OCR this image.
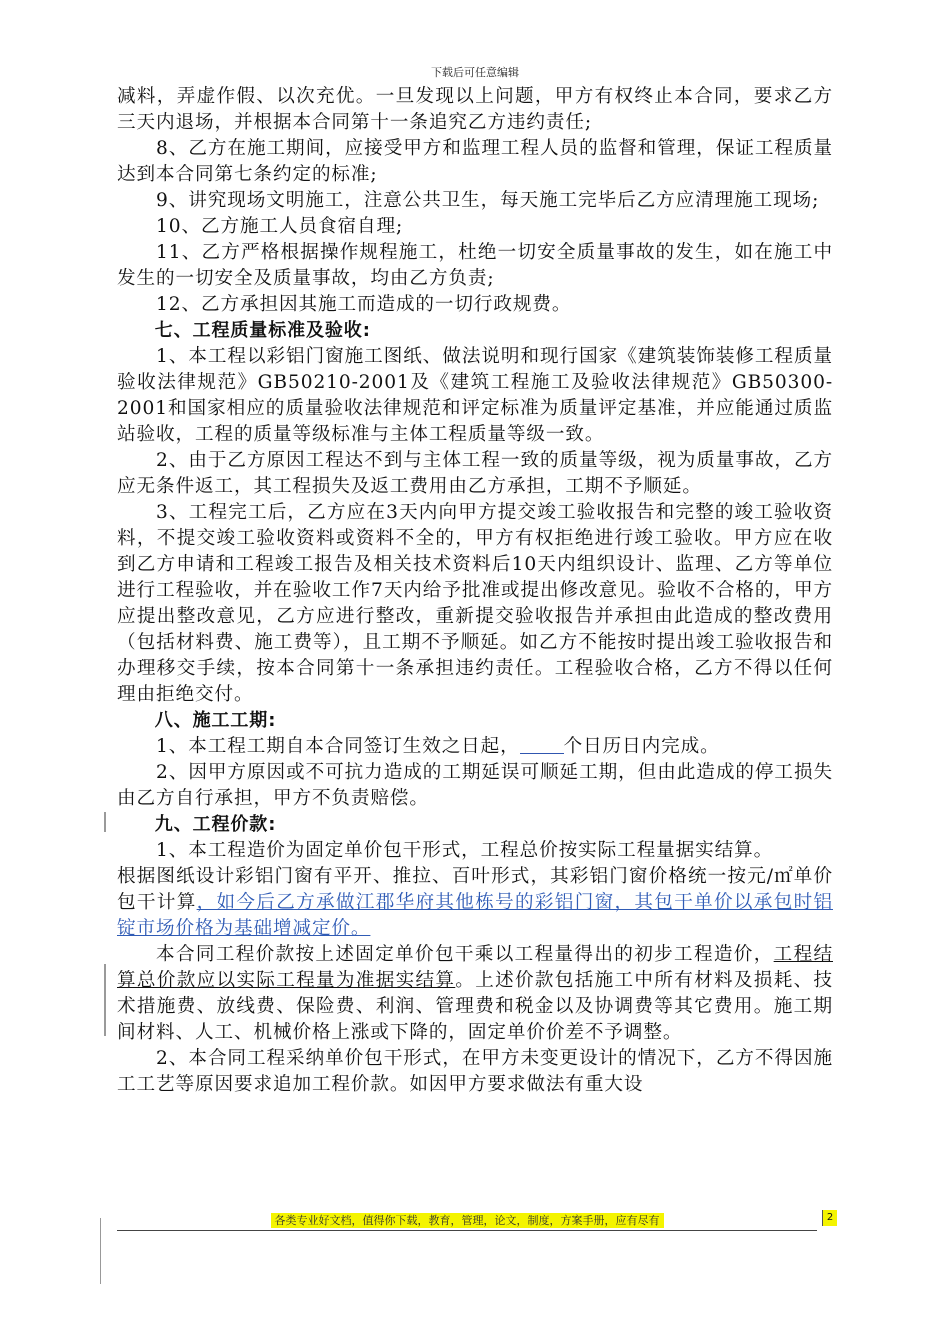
下载后可任意编辑

减料，弄虚作假、以次充优。一旦发现以上问题，甲方有权终止本合同，要求乙方三天内退场，并根据本合同第十一条追究乙方违约责任;

8、乙方在施工期间，应接受甲方和监理工程人员的监督和管理，保证工程质量达到本合同第七条约定的标准;

9、讲究现场文明施工，注意公共卫生，每天施工完毕后乙方应清理施工现场;

10、乙方施工人员食宿自理;

11、乙方严格根据操作规程施工，杜绝一切安全质量事故的发生，如在施工中发生的一切安全及质量事故，均由乙方负责;

12、乙方承担因其施工而造成的一切行政规费。

七、工程质量标准及验收:

1、本工程以彩铝门窗施工图纸、做法说明和现行国家《建筑装饰装修工程质量验收法律规范》GB50210-2001及《建筑工程施工及验收法律规范》GB50300-2001和国家相应的质量验收法律规范和评定标准为质量评定基准，并应能通过质监站验收，工程的质量等级标准与主体工程质量等级一致。

2、由于乙方原因工程达不到与主体工程一致的质量等级，视为质量事故，乙方应无条件返工，其工程损失及返工费用由乙方承担，工期不予顺延。

3、工程完工后，乙方应在3天内向甲方提交竣工验收报告和完整的竣工验收资料，不提交竣工验收资料或资料不全的，甲方有权拒绝进行竣工验收。甲方应在收到乙方申请和工程竣工报告及相关技术资料后10天内组织设计、监理、乙方等单位进行工程验收，并在验收工作7天内给予批准或提出修改意见。验收不合格的，甲方应提出整改意见，乙方应进行整改，重新提交验收报告并承担由此造成的整改费用（包括材料费、施工费等），且工期不予顺延。如乙方不能按时提出竣工验收报告和办理移交手续，按本合同第十一条承担违约责任。工程验收合格，乙方不得以任何理由拒绝交付。

八、施工工期:

1、本工程工期自本合同签订生效之日起， 个日历日内完成。

2、因甲方原因或不可抗力造成的工期延误可顺延工期，但由此造成的停工损失由乙方自行承担，甲方不负责赔偿。

九、工程价款:

1、本工程造价为固定单价包干形式，工程总价按实际工程量据实结算。

根据图纸设计彩铝门窗有平开、推拉、百叶形式，其彩铝门窗价格统一按元/㎡单价包干计算，如今后乙方承做江郡华府其他栋号的彩铝门窗，其包干单价以承包时铝锭市场价格为基础增减定价。

本合同工程价款按上述固定单价包干乘以工程量得出的初步工程造价，工程结算总价款应以实际工程量为准据实结算。上述价款包括施工中所有材料及损耗、技术措施费、放线费、保险费、利润、管理费和税金以及协调费等其它费用。施工期间材料、人工、机械价格上涨或下降的，固定单价价差不予调整。

2、本合同工程采纳单价包干形式，在甲方未变更设计的情况下，乙方不得因施工工艺等原因要求追加工程价款。如因甲方要求做法有重大设

各类专业好文档，值得你下载，教育，管理，论文，制度，方案手册，应有尽有	2
